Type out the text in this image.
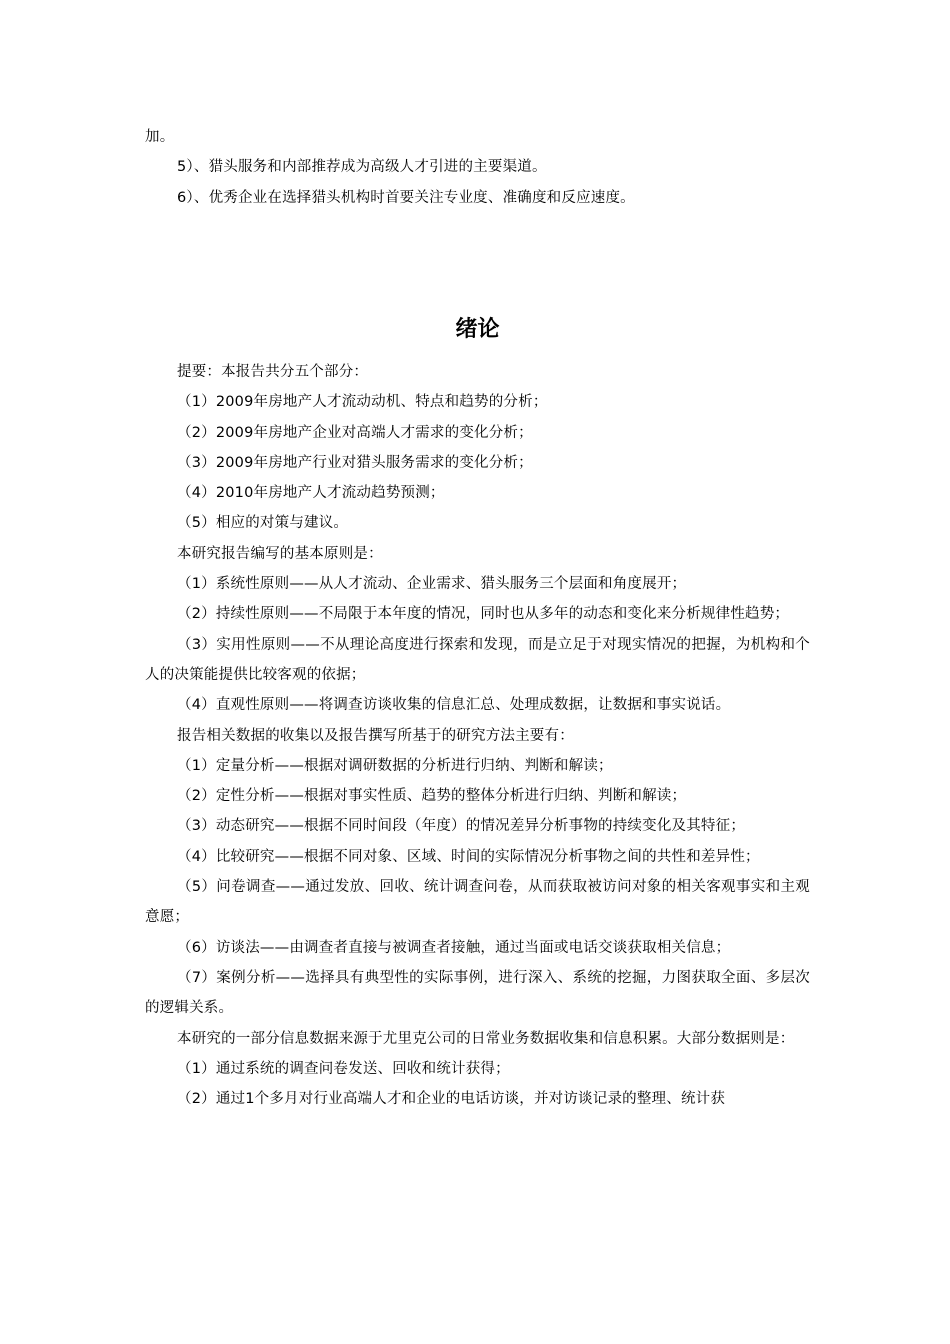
加。

5）、猎头服务和内部推荐成为高级人才引进的主要渠道。

6）、优秀企业在选择猎头机构时首要关注专业度、准确度和反应速度。

绪论

提要：本报告共分五个部分：

（1）2009年房地产人才流动动机、特点和趋势的分析；

（2）2009年房地产企业对高端人才需求的变化分析；

（3）2009年房地产行业对猎头服务需求的变化分析；

（4）2010年房地产人才流动趋势预测；

（5）相应的对策与建议。

本研究报告编写的基本原则是：

（1）系统性原则——从人才流动、企业需求、猎头服务三个层面和角度展开；

（2）持续性原则——不局限于本年度的情况，同时也从多年的动态和变化来分析规律性趋势；

（3）实用性原则——不从理论高度进行探索和发现，而是立足于对现实情况的把握，为机构和个人的决策能提供比较客观的依据；

（4）直观性原则——将调查访谈收集的信息汇总、处理成数据，让数据和事实说话。

报告相关数据的收集以及报告撰写所基于的研究方法主要有：

（1）定量分析——根据对调研数据的分析进行归纳、判断和解读；

（2）定性分析——根据对事实性质、趋势的整体分析进行归纳、判断和解读；

（3）动态研究——根据不同时间段（年度）的情况差异分析事物的持续变化及其特征；

（4）比较研究——根据不同对象、区域、时间的实际情况分析事物之间的共性和差异性；

（5）问卷调查——通过发放、回收、统计调查问卷，从而获取被访问对象的相关客观事实和主观意愿；

（6）访谈法——由调查者直接与被调查者接触，通过当面或电话交谈获取相关信息；

（7）案例分析——选择具有典型性的实际事例，进行深入、系统的挖掘，力图获取全面、多层次的逻辑关系。

本研究的一部分信息数据来源于尤里克公司的日常业务数据收集和信息积累。大部分数据则是：

（1）通过系统的调查问卷发送、回收和统计获得；

（2）通过1个多月对行业高端人才和企业的电话访谈，并对访谈记录的整理、统计获
